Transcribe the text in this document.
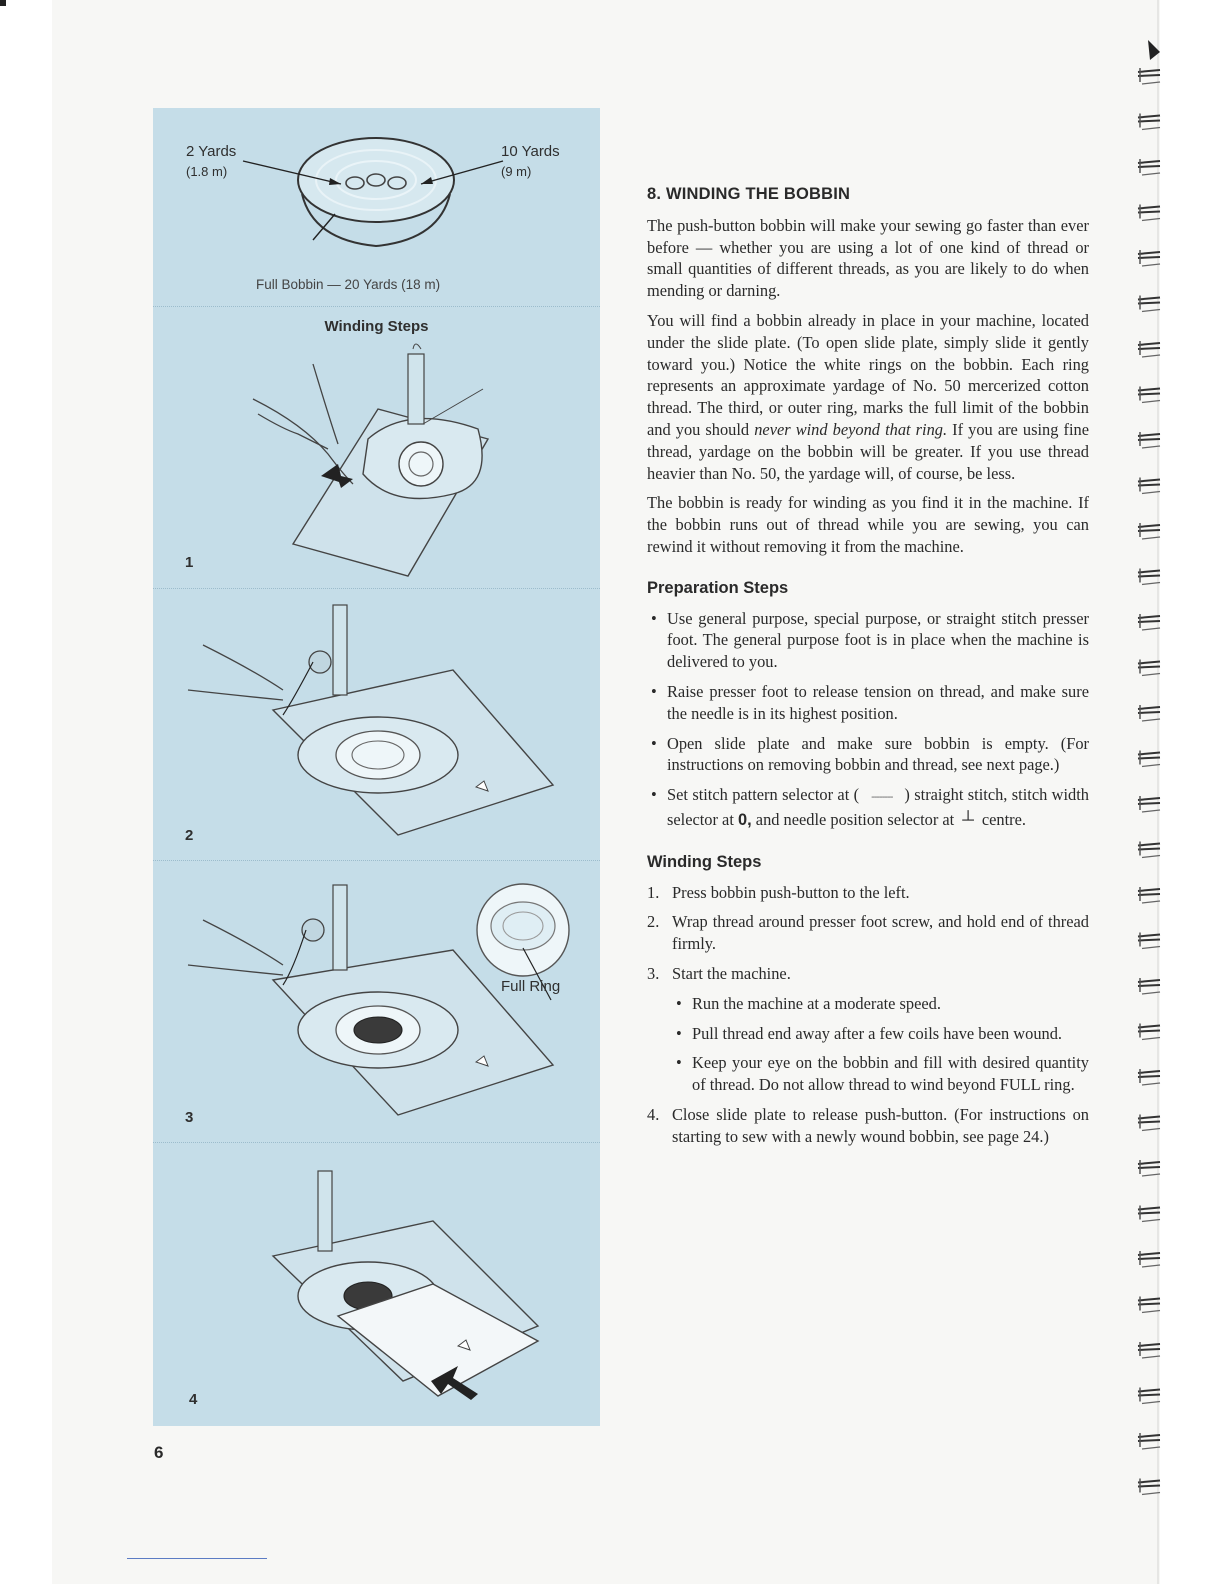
2 Yards
(1.8 m)
10 Yards
(9 m)
Full Bobbin — 20 Yards (18 m)
Winding Steps
1
2
Full Ring
3
4
8. WINDING THE BOBBIN

The push-button bobbin will make your sewing go faster than ever before — whether you are using a lot of one kind of thread or small quantities of different threads, as you are likely to do when mending or darning.

You will find a bobbin already in place in your machine, located under the slide plate. (To open slide plate, simply slide it gently toward you.) Notice the white rings on the bobbin. Each ring represents an approximate yardage of No. 50 mercerized cotton thread. The third, or outer ring, marks the full limit of the bobbin and you should never wind beyond that ring. If you are using fine thread, yardage on the bobbin will be greater. If you use thread heavier than No. 50, the yardage will, of course, be less.

The bobbin is ready for winding as you find it in the machine. If the bobbin runs out of thread while you are sewing, you can rewind it without removing it from the machine.

Preparation Steps
• Use general purpose, special purpose, or straight stitch presser foot. The general purpose foot is in place when the machine is delivered to you.
• Raise presser foot to release tension on thread, and make sure the needle is in its highest position.
• Open slide plate and make sure bobbin is empty. (For instructions on removing bobbin and thread, see next page.)
• Set stitch pattern selector at ( -------- ) straight stitch, stitch width selector at 0, and needle position selector at ┴ centre.
Winding Steps
1. Press bobbin push-button to the left.
2. Wrap thread around presser foot screw, and hold end of thread firmly.
3. Start the machine.
• Run the machine at a moderate speed.
• Pull thread end away after a few coils have been wound.
• Keep your eye on the bobbin and fill with desired quantity of thread. Do not allow thread to wind beyond FULL ring.
4. Close slide plate to release push-button. (For instructions on starting to sew with a newly wound bobbin, see page 24.)
6
